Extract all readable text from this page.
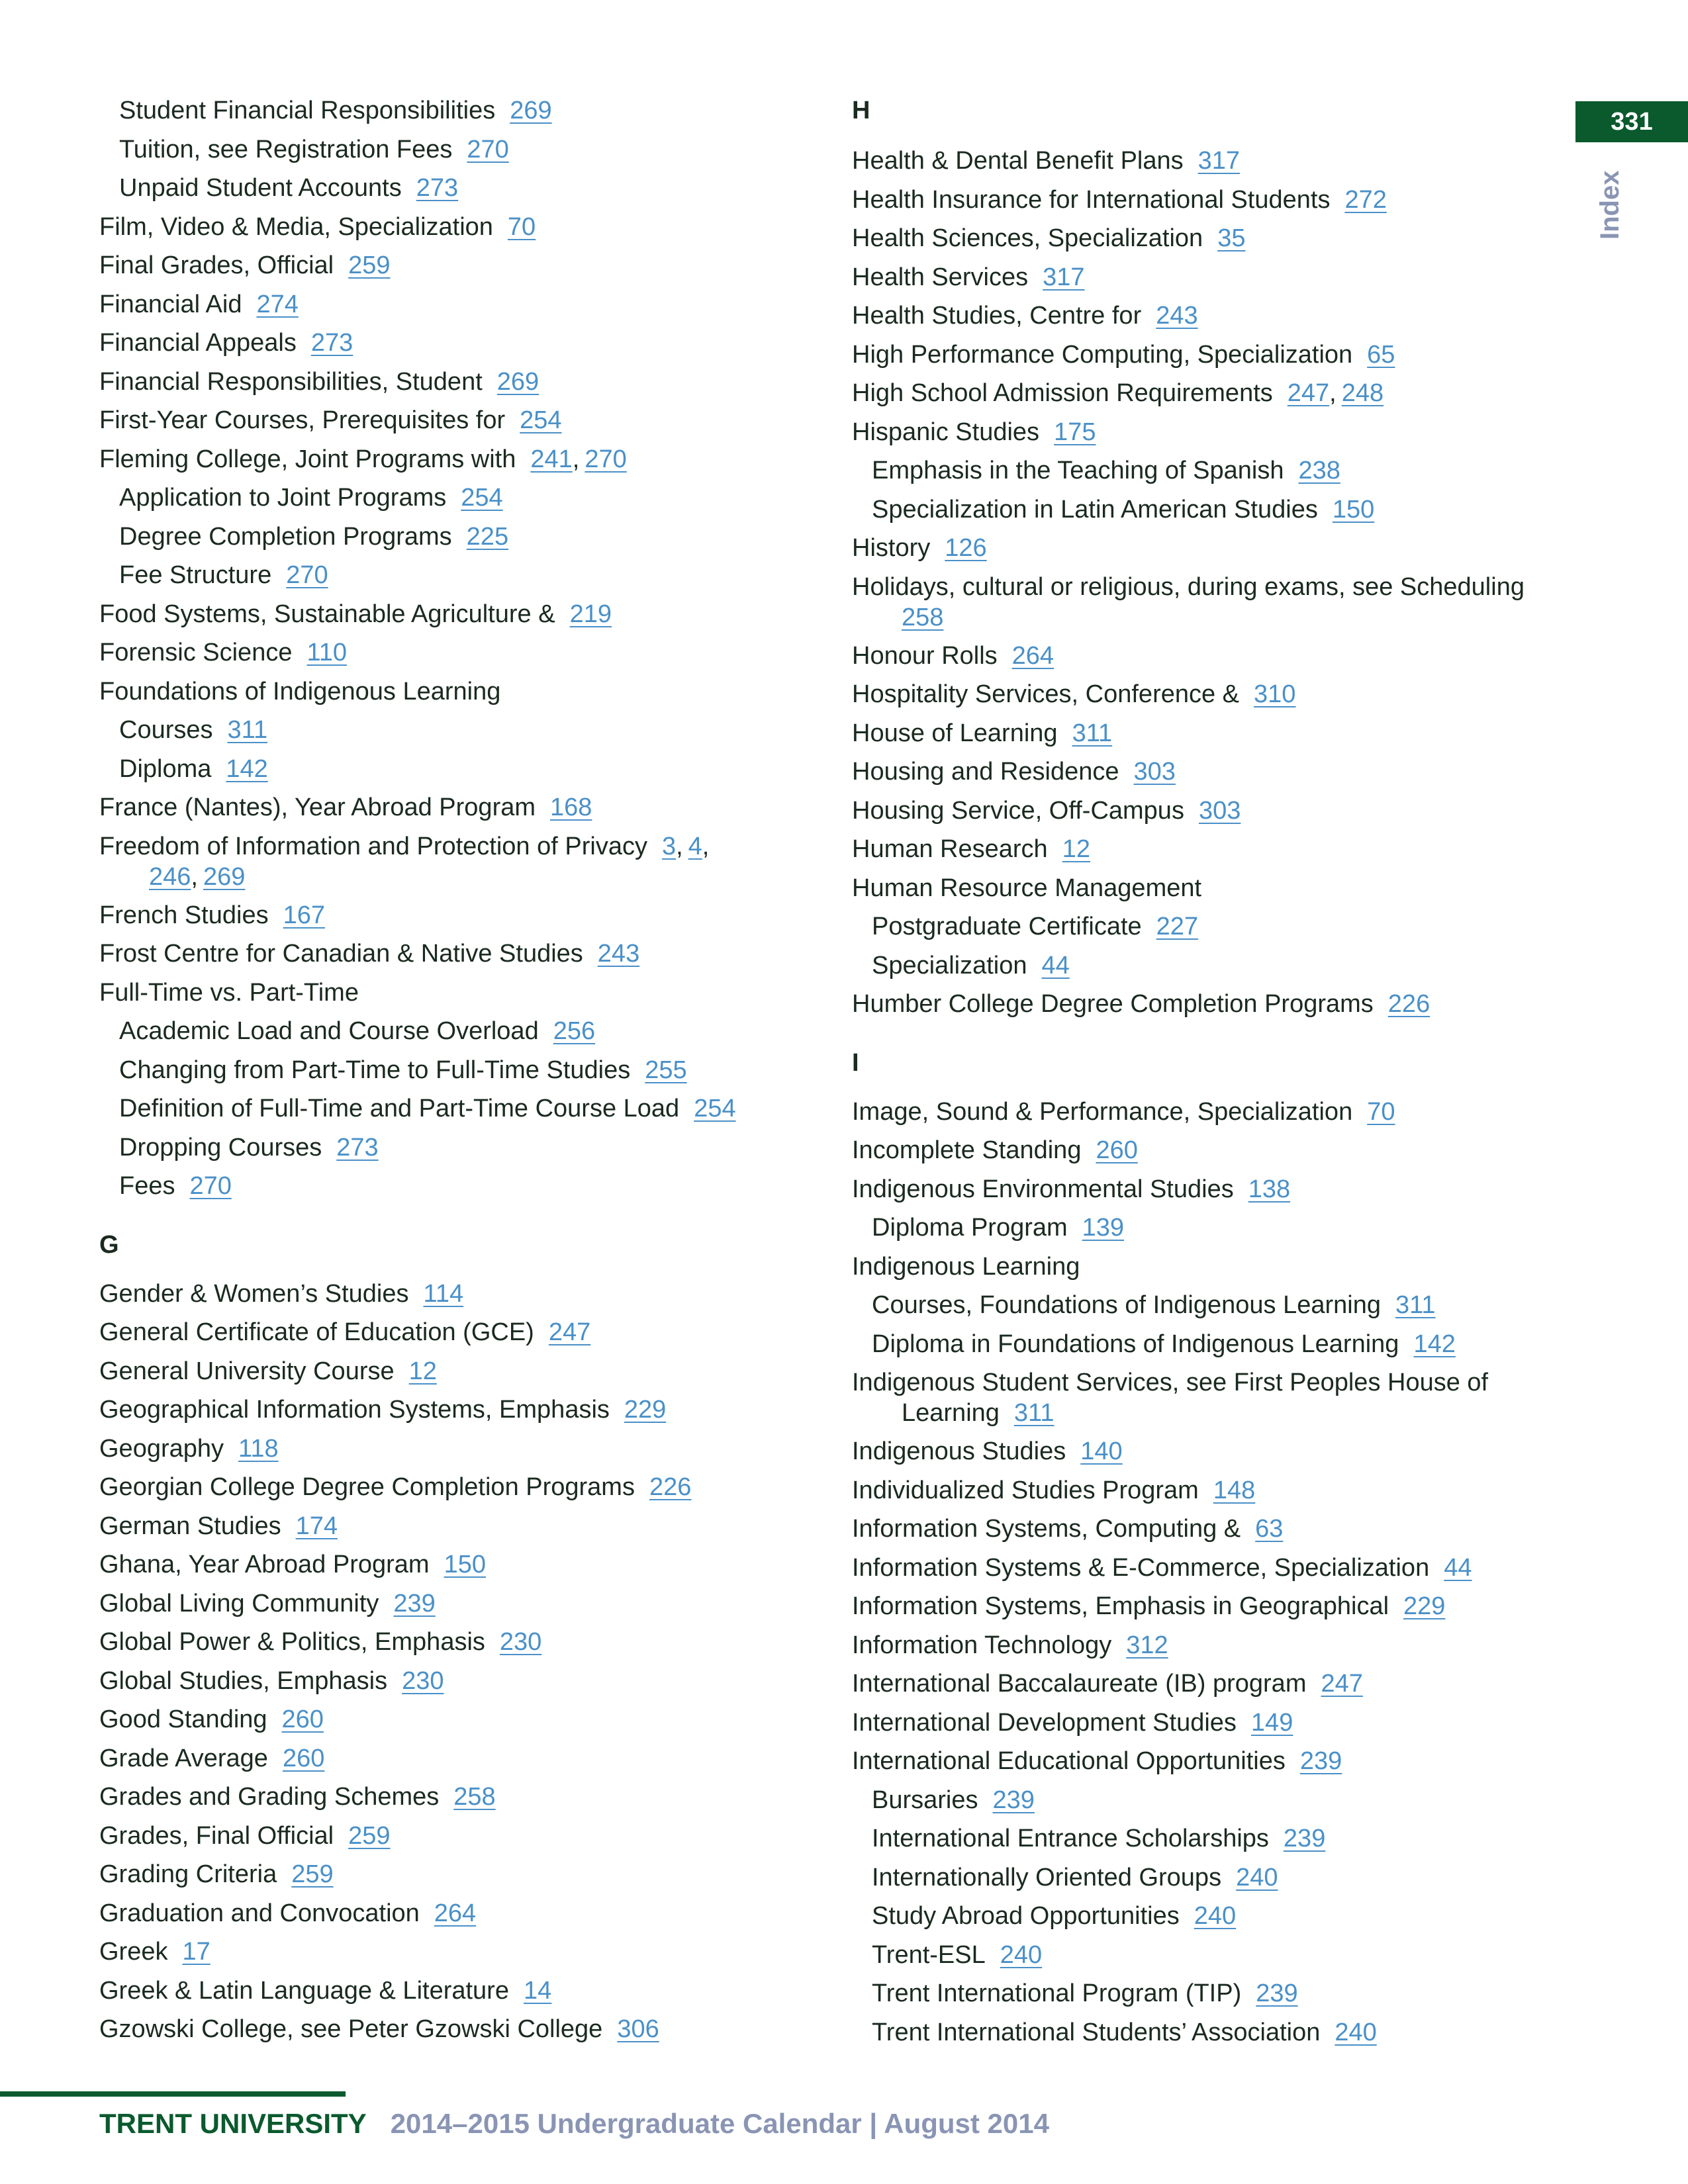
Student Financial Responsibilities 269
Tuition, see Registration Fees 270
Unpaid Student Accounts 273
Film, Video & Media, Specialization 70
Final Grades, Official 259
Financial Aid 274
Financial Appeals 273
Financial Responsibilities, Student 269
First-Year Courses, Prerequisites for 254
Fleming College, Joint Programs with 241, 270
Application to Joint Programs 254
Degree Completion Programs 225
Fee Structure 270
Food Systems, Sustainable Agriculture & 219
Forensic Science 110
Foundations of Indigenous Learning
Courses 311
Diploma 142
France (Nantes), Year Abroad Program 168
Freedom of Information and Protection of Privacy 3, 4,
246, 269
French Studies 167
Frost Centre for Canadian & Native Studies 243
Full-Time vs. Part-Time
Academic Load and Course Overload 256
Changing from Part-Time to Full-Time Studies 255
Definition of Full-Time and Part-Time Course Load 254
Dropping Courses 273
Fees 270
G
Gender & Women’s Studies 114
General Certificate of Education (GCE) 247
General University Course 12
Geographical Information Systems, Emphasis 229
Geography 118
Georgian College Degree Completion Programs 226
German Studies 174
Ghana, Year Abroad Program 150
Global Living Community 239
Global Power & Politics, Emphasis 230
Global Studies, Emphasis 230
Good Standing 260
Grade Average 260
Grades and Grading Schemes 258
Grades, Final Official 259
Grading Criteria 259
Graduation and Convocation 264
Greek 17
Greek & Latin Language & Literature 14
Gzowski College, see Peter Gzowski College 306
H
Health & Dental Benefit Plans 317
Health Insurance for International Students 272
Health Sciences, Specialization 35
Health Services 317
Health Studies, Centre for 243
High Performance Computing, Specialization 65
High School Admission Requirements 247, 248
Hispanic Studies 175
Emphasis in the Teaching of Spanish 238
Specialization in Latin American Studies 150
History 126
Holidays, cultural or religious, during exams, see Scheduling
258
Honour Rolls 264
Hospitality Services, Conference & 310
House of Learning 311
Housing and Residence 303
Housing Service, Off-Campus 303
Human Research 12
Human Resource Management
Postgraduate Certificate 227
Specialization 44
Humber College Degree Completion Programs 226
I
Image, Sound & Performance, Specialization 70
Incomplete Standing 260
Indigenous Environmental Studies 138
Diploma Program 139
Indigenous Learning
Courses, Foundations of Indigenous Learning 311
Diploma in Foundations of Indigenous Learning 142
Indigenous Student Services, see First Peoples House of
Learning 311
Indigenous Studies 140
Individualized Studies Program 148
Information Systems, Computing & 63
Information Systems & E-Commerce, Specialization 44
Information Systems, Emphasis in Geographical 229
Information Technology 312
International Baccalaureate (IB) program 247
International Development Studies 149
International Educational Opportunities 239
Bursaries 239
International Entrance Scholarships 239
Internationally Oriented Groups 240
Study Abroad Opportunities 240
Trent-ESL 240
Trent International Program (TIP) 239
Trent International Students’ Association 240
331
Index
TRENT UNIVERSITY 2014–2015 Undergraduate Calendar | August 2014
